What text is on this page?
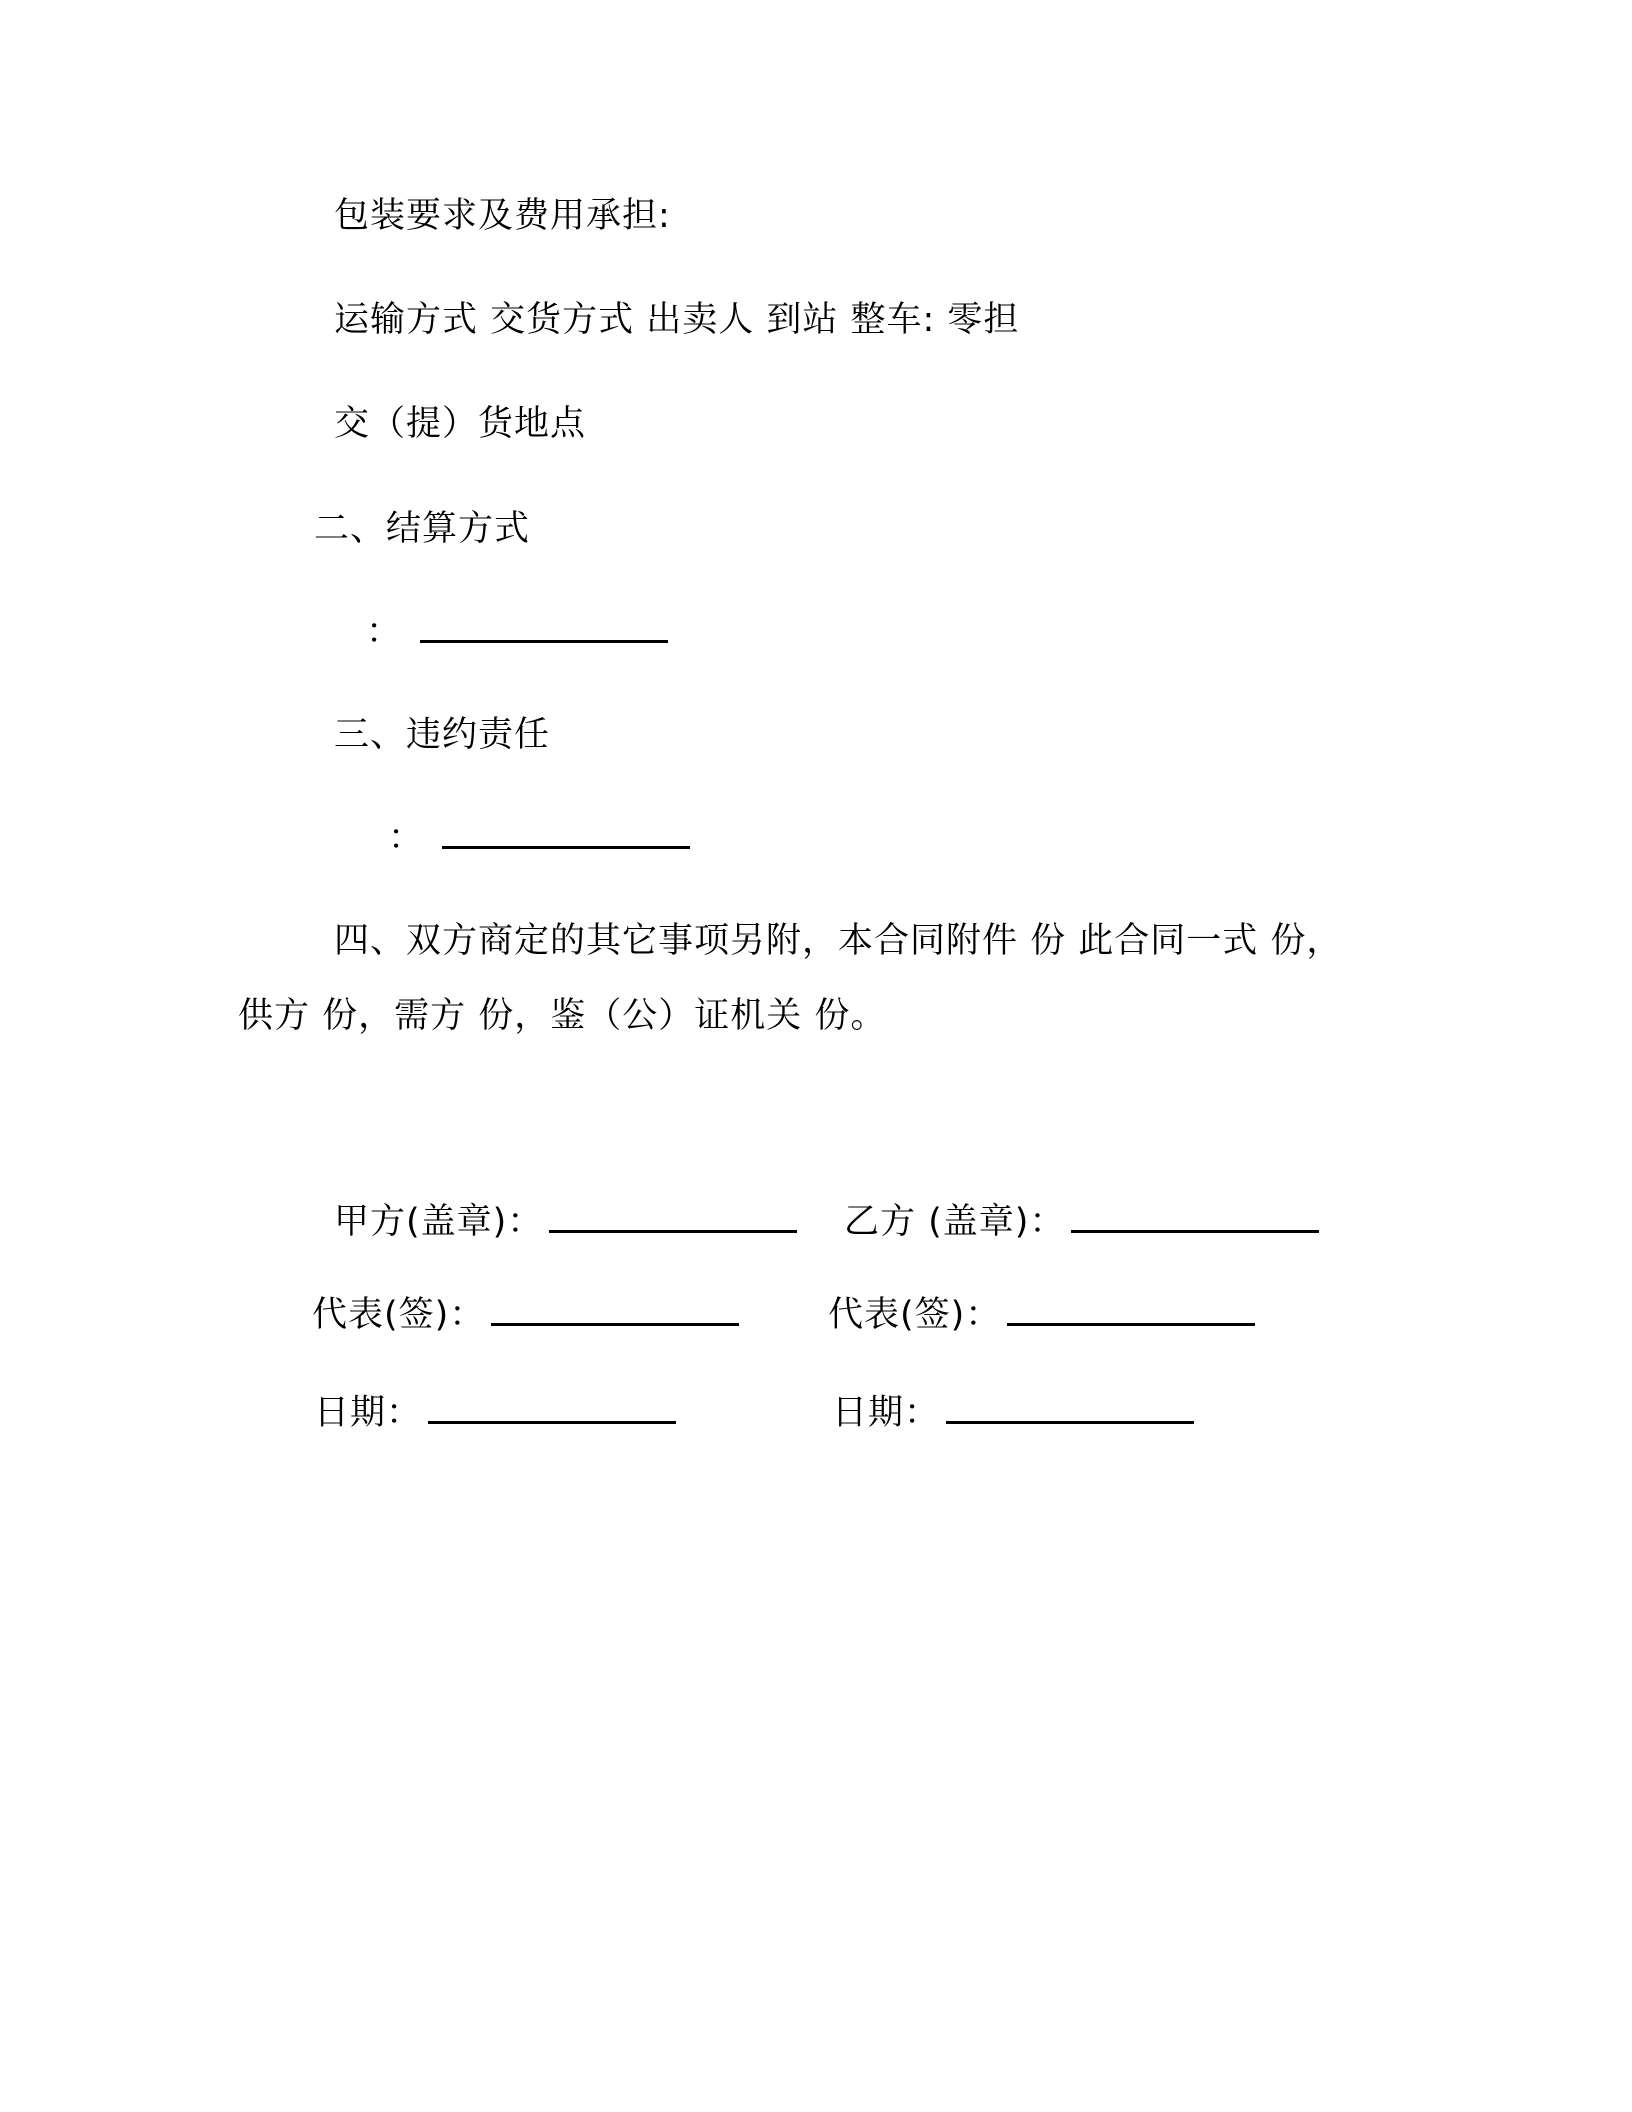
包装要求及费用承担:
运输方式 交货方式 出卖人 到站 整车: 零担
交（提）货地点
二、结算方式
：
三、违约责任
：
四、双方商定的其它事项另附，本合同附件 份 此合同一式 份，
供方 份，需方 份，鉴（公）证机关 份。
甲方(盖章)：	乙方 (盖章)：
代表(签)：	代表(签)：
日期：	日期：
